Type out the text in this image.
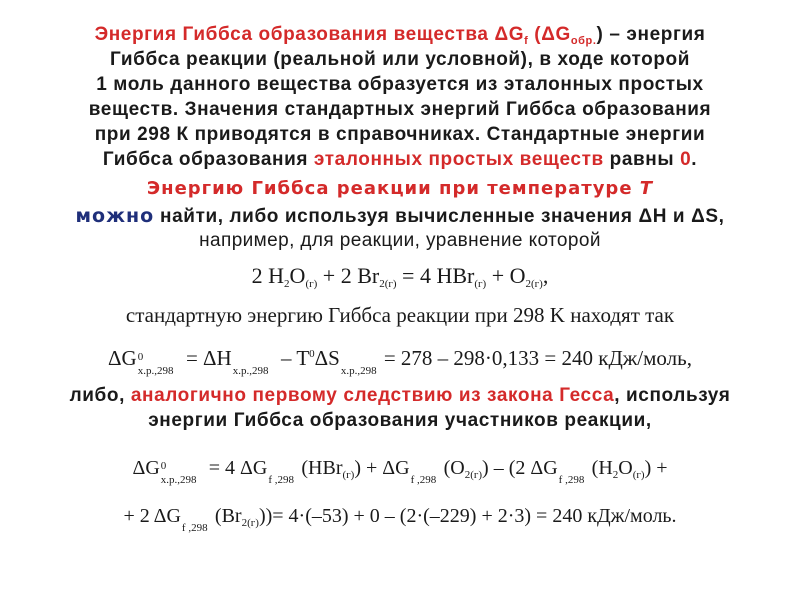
Энергия Гиббса образования вещества $\Delta G_f$ $(\Delta G_{обр.})$ – энергия
Гиббса реакции (реальной или условной), в ходе которой
1 моль данного вещества образуется из эталонных простых
веществ. Значения стандартных энергий Гиббса образования
при 298 К приводятся в справочниках. Стандартные энергии
Гиббса образования эталонных простых веществ равны 0.
Энергию Гиббса реакции при температуре T
можно найти, либо используя вычисленные значения ΔH и ΔS,
например, для реакции, уравнение которой
2 $H_2O_{(г)} + 2$ $Br_{2(г)} = 4$ $HBr_{(г)} + O_{2(г)}$,
стандартную энергию Гиббса реакции при 298 K находят так
ΔG 0
х.р.,298
= ΔH
х.р.,298
– $T^0\Delta S$
х.р.,298
= 278 – 298·0,133 = 240 кДж/моль,
либо, аналогично первому следствию из закона Гесса, используя
энергии Гиббса образования участников реакции,
ΔG 0
х.р.,298
= 4 ΔG
f ,298
(HBr$_{(г)}$) + ΔG
f ,298
$(O_{2(г)}) - (2$ ΔG
f ,298
$(H_2O_{(г)})$ +
+ 2 ΔG
f ,298
$(Br_{2(г)}))= 4\cdot(-53) + 0 - (2\cdot(-229) + 2\cdot 3) = 240$ кДж/моль.
